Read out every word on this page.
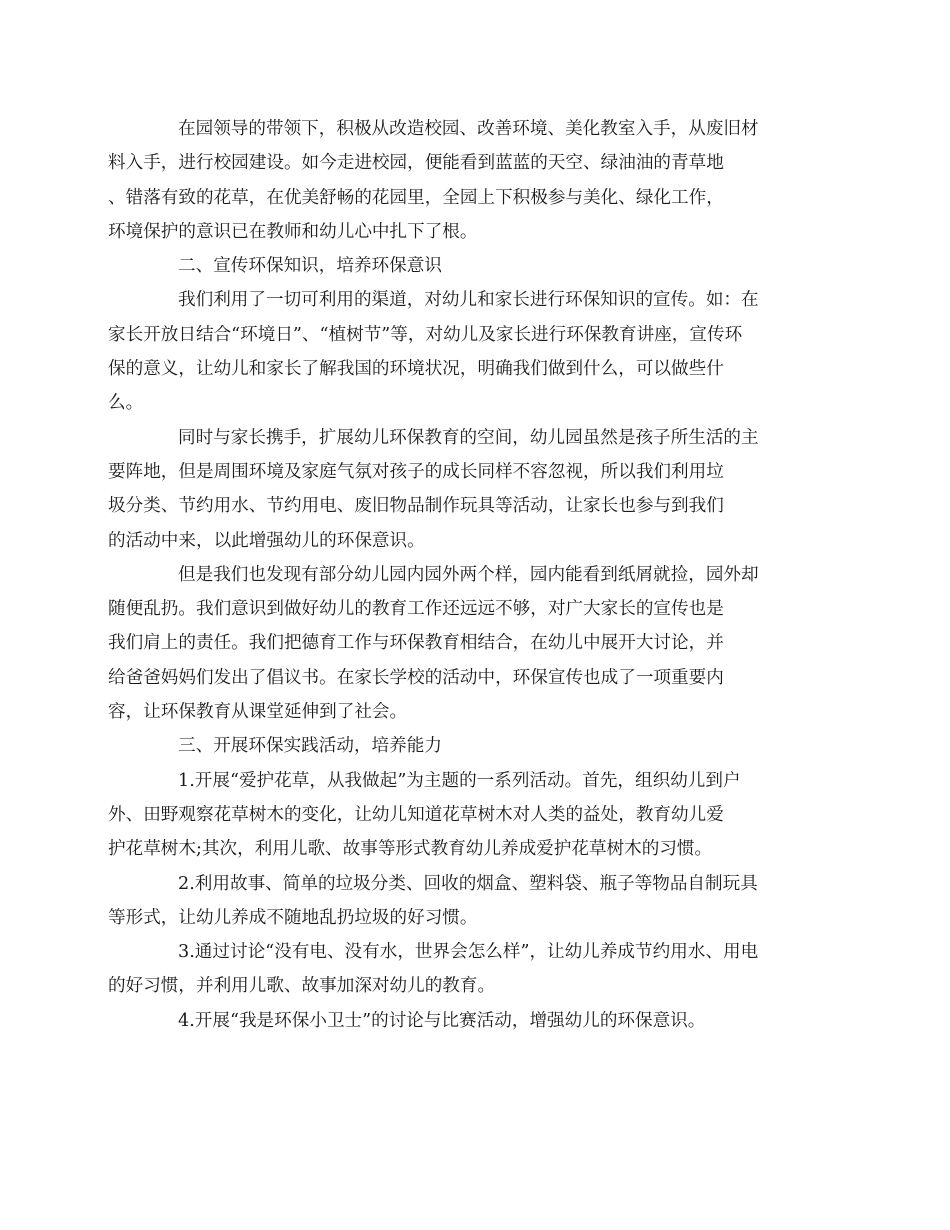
在园领导的带领下，积极从改造校园、改善环境、美化教室入手，从废旧材
料入手，进行校园建设。如今走进校园，便能看到蓝蓝的天空、绿油油的青草地
、错落有致的花草，在优美舒畅的花园里，全园上下积极参与美化、绿化工作，
环境保护的意识已在教师和幼儿心中扎下了根。

二、宣传环保知识，培养环保意识

我们利用了一切可利用的渠道，对幼儿和家长进行环保知识的宣传。如：在
家长开放日结合“环境日”、“植树节”等，对幼儿及家长进行环保教育讲座，宣传环
保的意义，让幼儿和家长了解我国的环境状况，明确我们做到什么，可以做些什
么。

同时与家长携手，扩展幼儿环保教育的空间，幼儿园虽然是孩子所生活的主
要阵地，但是周围环境及家庭气氛对孩子的成长同样不容忽视，所以我们利用垃
圾分类、节约用水、节约用电、废旧物品制作玩具等活动，让家长也参与到我们
的活动中来，以此增强幼儿的环保意识。

但是我们也发现有部分幼儿园内园外两个样，园内能看到纸屑就捡，园外却
随便乱扔。我们意识到做好幼儿的教育工作还远远不够，对广大家长的宣传也是
我们肩上的责任。我们把德育工作与环保教育相结合，在幼儿中展开大讨论，并
给爸爸妈妈们发出了倡议书。在家长学校的活动中，环保宣传也成了一项重要内
容，让环保教育从课堂延伸到了社会。

三、开展环保实践活动，培养能力

1.开展“爱护花草，从我做起”为主题的一系列活动。首先，组织幼儿到户
外、田野观察花草树木的变化，让幼儿知道花草树木对人类的益处，教育幼儿爱
护花草树木;其次，利用儿歌、故事等形式教育幼儿养成爱护花草树木的习惯。

2.利用故事、简单的垃圾分类、回收的烟盒、塑料袋、瓶子等物品自制玩具
等形式，让幼儿养成不随地乱扔垃圾的好习惯。

3.通过讨论“没有电、没有水，世界会怎么样”，让幼儿养成节约用水、用电
的好习惯，并利用儿歌、故事加深对幼儿的教育。

4.开展“我是环保小卫士”的讨论与比赛活动，增强幼儿的环保意识。
